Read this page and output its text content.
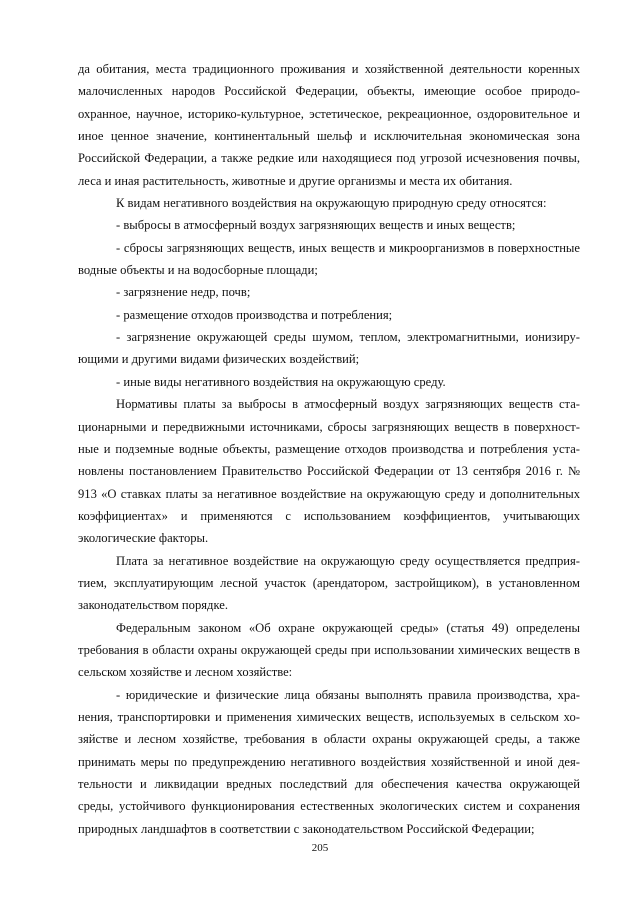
да обитания, места традиционного проживания и хозяйственной деятельности коренных малочисленных народов Российской Федерации, объекты, имеющие особое природоохранное, научное, историко-культурное, эстетическое, рекреационное, оздоровительное и иное ценное значение, континентальный шельф и исключительная экономическая зона Российской Федерации, а также редкие или находящиеся под угрозой исчезновения почвы, леса и иная растительность, животные и другие организмы и места их обитания.

К видам негативного воздействия на окружающую природную среду относятся:

- выбросы в атмосферный воздух загрязняющих веществ и иных веществ;

- сбросы загрязняющих веществ, иных веществ и микроорганизмов в поверхностные водные объекты и на водосборные площади;

- загрязнение недр, почв;

- размещение отходов производства и потребления;

- загрязнение окружающей среды шумом, теплом, электромагнитными, ионизирующими и другими видами физических воздействий;

- иные виды негативного воздействия на окружающую среду.

Нормативы платы за выбросы в атмосферный воздух загрязняющих веществ стационарными и передвижными источниками, сбросы загрязняющих веществ в поверхностные и подземные водные объекты, размещение отходов производства и потребления установлены постановлением Правительство Российской Федерации от 13 сентября 2016 г. № 913 «О ставках платы за негативное воздействие на окружающую среду и дополнительных коэффициентах» и применяются с использованием коэффициентов, учитывающих экологические факторы.

Плата за негативное воздействие на окружающую среду осуществляется предприятием, эксплуатирующим лесной участок (арендатором, застройщиком), в установленном законодательством порядке.

Федеральным законом «Об охране окружающей среды» (статья 49) определены требования в области охраны окружающей среды при использовании химических веществ в сельском хозяйстве и лесном хозяйстве:

- юридические и физические лица обязаны выполнять правила производства, хранения, транспортировки и применения химических веществ, используемых в сельском хозяйстве и лесном хозяйстве, требования в области охраны окружающей среды, а также принимать меры по предупреждению негативного воздействия хозяйственной и иной деятельности и ликвидации вредных последствий для обеспечения качества окружающей среды, устойчивого функционирования естественных экологических систем и сохранения природных ландшафтов в соответствии с законодательством Российской Федерации;

205
